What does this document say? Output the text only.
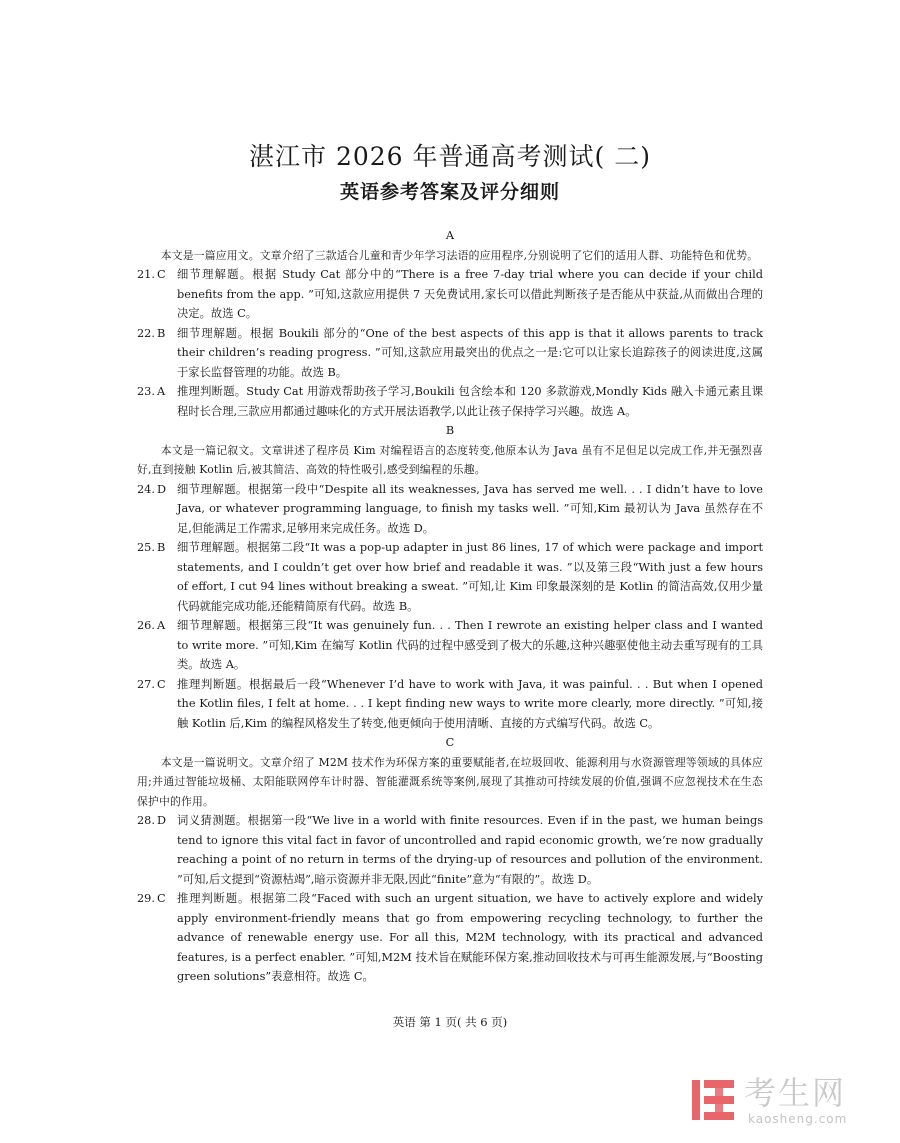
湛江市 2026 年普通高考测试( 二)
英语参考答案及评分细则
A
本文是一篇应用文。文章介绍了三款适合儿童和青少年学习法语的应用程序,分别说明了它们的适用人群、功能特色和优势。
21. C	细节理解题。根据 Study Cat 部分中的“There is a free 7-day trial where you can decide if your child benefits from the app. ”可知,这款应用提供 7 天免费试用,家长可以借此判断孩子是否能从中获益,从而做出合理的决定。故选 C。
22. B	细节理解题。根据 Boukili 部分的“One of the best aspects of this app is that it allows parents to track their children’s reading progress. ”可知,这款应用最突出的优点之一是:它可以让家长追踪孩子的阅读进度,这属于家长监督管理的功能。故选 B。
23. A	推理判断题。Study Cat 用游戏帮助孩子学习,Boukili 包含绘本和 120 多款游戏,Mondly Kids 融入卡通元素且课程时长合理,三款应用都通过趣味化的方式开展法语教学,以此让孩子保持学习兴趣。故选 A。
B
本文是一篇记叙文。文章讲述了程序员 Kim 对编程语言的态度转变,他原本认为 Java 虽有不足但足以完成工作,并无强烈喜好,直到接触 Kotlin 后,被其简洁、高效的特性吸引,感受到编程的乐趣。
24. D 细节理解题。根据第一段中“Despite all its weaknesses, Java has served me well. . . I didn’t have to love Java, or whatever programming language, to finish my tasks well. ”可知,Kim 最初认为 Java 虽然存在不足,但能满足工作需求,足够用来完成任务。故选 D。
25. B	细节理解题。根据第二段“It was a pop-up adapter in just 86 lines, 17 of which were package and import statements, and I couldn’t get over how brief and readable it was. ”以及第三段“With just a few hours of effort, I cut 94 lines without breaking a sweat. ”可知,让 Kim 印象最深刻的是 Kotlin 的简洁高效,仅用少量代码就能完成功能,还能精简原有代码。故选 B。
26. A	细节理解题。根据第三段“It was genuinely fun. . . Then I rewrote an existing helper class and I wanted to write more. ”可知,Kim 在编写 Kotlin 代码的过程中感受到了极大的乐趣,这种兴趣驱使他主动去重写现有的工具类。故选 A。
27. C	推理判断题。根据最后一段“Whenever I’d have to work with Java, it was painful. . . But when I opened the Kotlin files, I felt at home. . . I kept finding new ways to write more clearly, more directly. ”可知,接触 Kotlin 后,Kim 的编程风格发生了转变,他更倾向于使用清晰、直接的方式编写代码。故选 C。
C
本文是一篇说明文。文章介绍了 M2M 技术作为环保方案的重要赋能者,在垃圾回收、能源利用与水资源管理等领域的具体应用;并通过智能垃圾桶、太阳能联网停车计时器、智能灌溉系统等案例,展现了其推动可持续发展的价值,强调不应忽视技术在生态保护中的作用。
28. D 词义猜测题。根据第一段“We live in a world with finite resources. Even if in the past, we human beings tend to ignore this vital fact in favor of uncontrolled and rapid economic growth, we’re now gradually reaching a point of no return in terms of the drying-up of resources and pollution of the environment. ”可知,后文提到“资源枯竭”,暗示资源并非无限,因此“finite”意为“有限的”。故选 D。
29. C	推理判断题。根据第二段“Faced with such an urgent situation, we have to actively explore and widely apply environment-friendly means that go from empowering recycling technology, to further the advance of renewable energy use. For all this, M2M technology, with its practical and advanced features, is a perfect enabler. ”可知,M2M 技术旨在赋能环保方案,推动回收技术与可再生能源发展,与“Boosting green solutions”表意相符。故选 C。
英语 第 1 页( 共 6 页)
考生网
kaosheng.com
